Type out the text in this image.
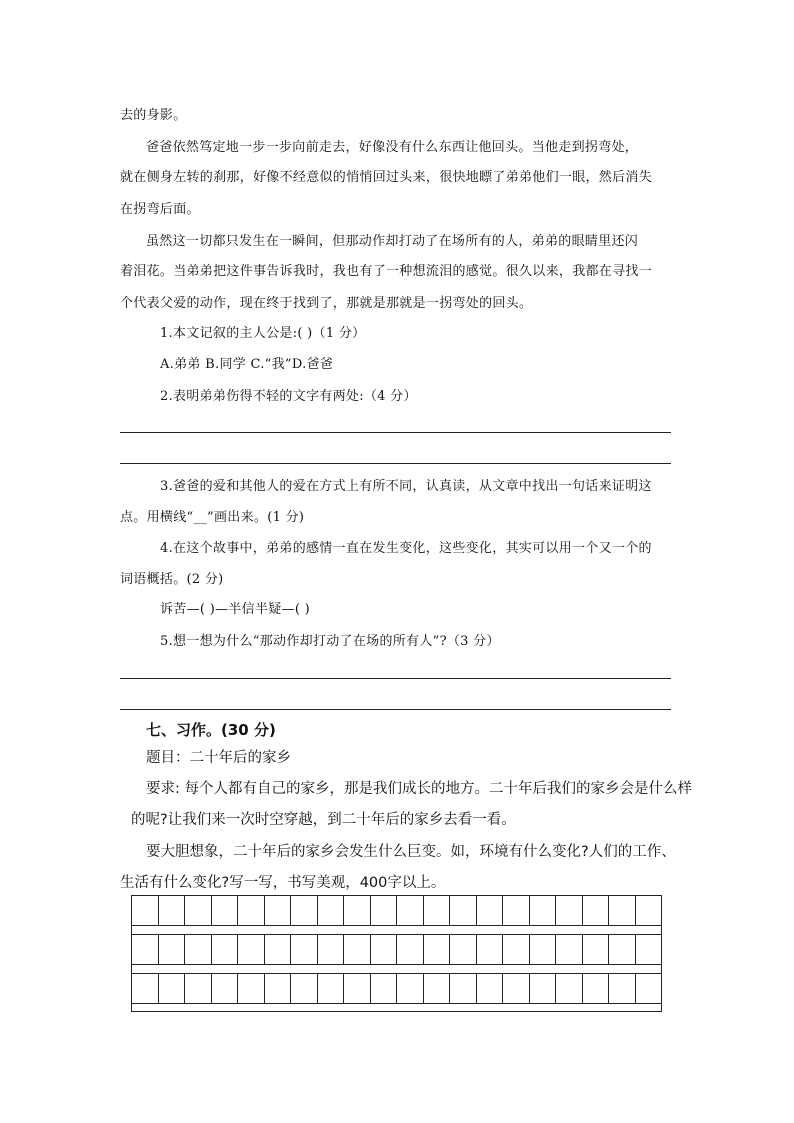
去的身影。
爸爸依然笃定地一步一步向前走去，好像没有什么东西让他回头。当他走到拐弯处，
就在侧身左转的刹那，好像不经意似的悄悄回过头来，很快地瞟了弟弟他们一眼，然后消失
在拐弯后面。
虽然这一切都只发生在一瞬间，但那动作却打动了在场所有的人，弟弟的眼睛里还闪
着泪花。当弟弟把这件事告诉我时，我也有了一种想流泪的感觉。很久以来，我都在寻找一
个代表父爱的动作，现在终于找到了，那就是那就是一拐弯处的回头。
1.本文记叙的主人公是:( )（1 分）
A.弟弟 B.同学 C.“我”D.爸爸
2.表明弟弟伤得不轻的文字有两处:（4 分）
3.爸爸的爱和其他人的爱在方式上有所不同，认真读，从文章中找出一句话来证明这
点。用横线“__”画出来。(1 分)
4.在这个故事中，弟弟的感情一直在发生变化，这些变化，其实可以用一个又一个的
词语概括。(2 分)
诉苦—( )—半信半疑—( )
5.想一想为什么“那动作却打动了在场的所有人”?（3 分）
七、习作。(30 分)
题目：二十年后的家乡
要求: 每个人都有自己的家乡，那是我们成长的地方。二十年后我们的家乡会是什么样
的呢?让我们来一次时空穿越，到二十年后的家乡去看一看。
要大胆想象，二十年后的家乡会发生什么巨变。如，环境有什么变化?人们的工作、
生活有什么变化?写一写，书写美观，400字以上。
